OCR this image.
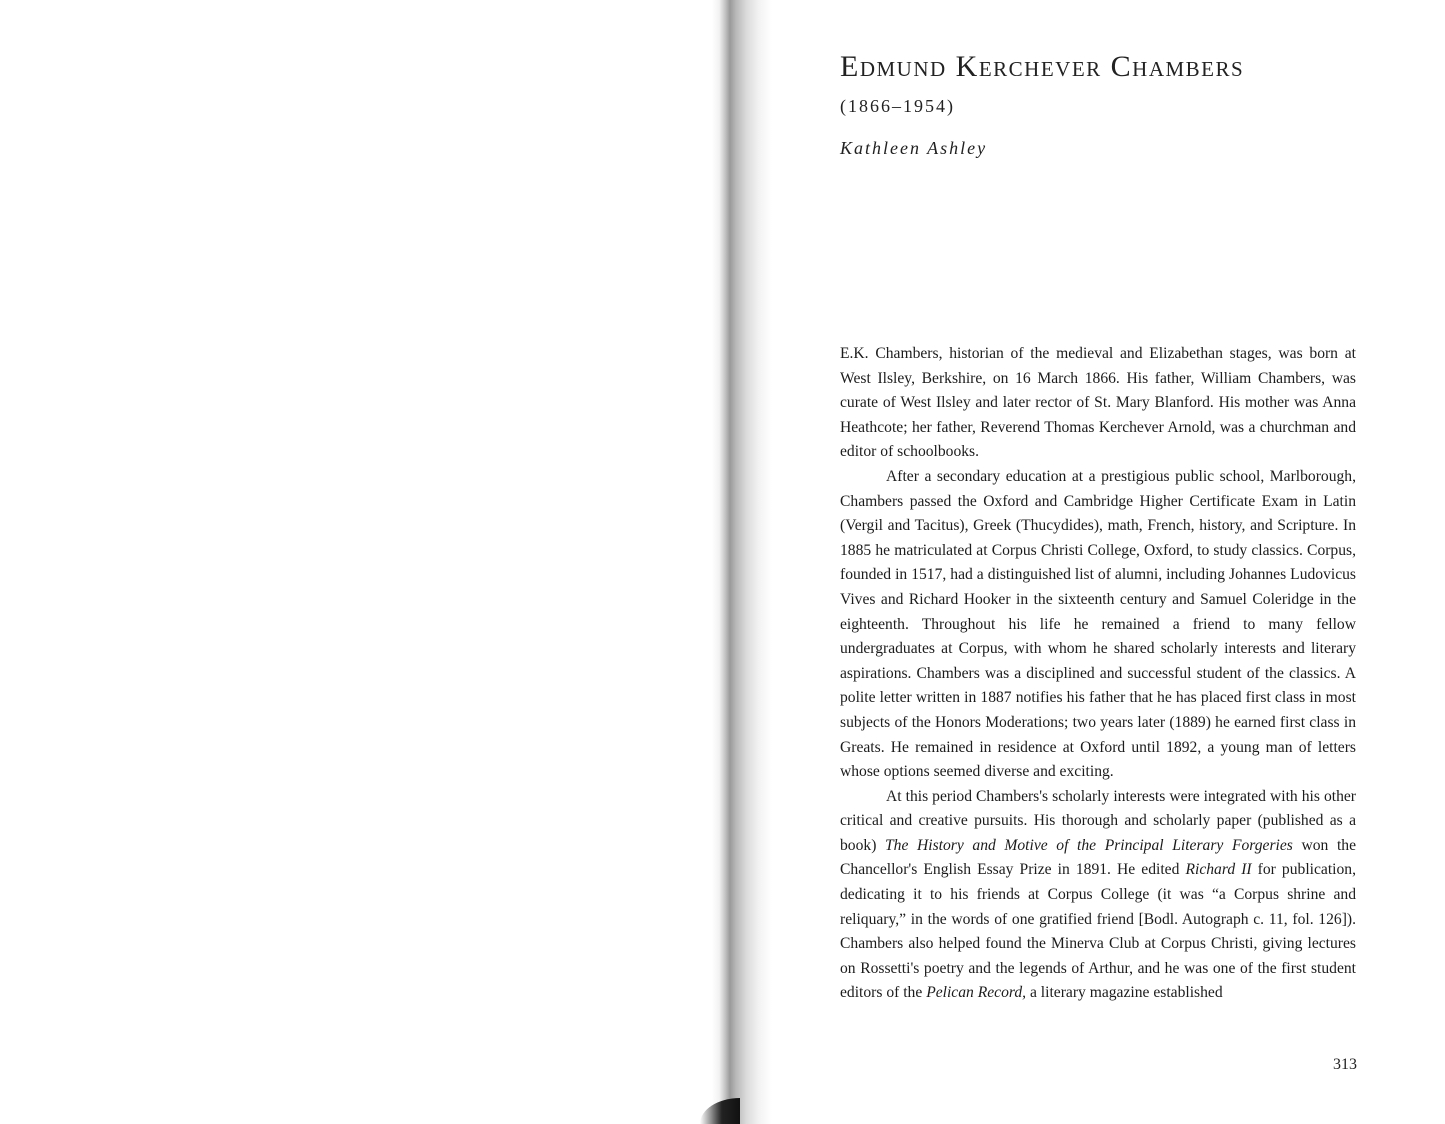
Edmund Kerchever Chambers
(1866–1954)
Kathleen Ashley

E.K. Chambers, historian of the medieval and Elizabethan stages, was born at West Ilsley, Berkshire, on 16 March 1866. His father, William Chambers, was curate of West Ilsley and later rector of St. Mary Blanford. His mother was Anna Heathcote; her father, Reverend Thomas Kerchever Arnold, was a churchman and editor of schoolbooks.

After a secondary education at a prestigious public school, Marlborough, Chambers passed the Oxford and Cambridge Higher Certificate Exam in Latin (Vergil and Tacitus), Greek (Thucydides), math, French, history, and Scripture. In 1885 he matriculated at Corpus Christi College, Oxford, to study classics. Corpus, founded in 1517, had a distinguished list of alumni, including Johannes Ludovicus Vives and Richard Hooker in the sixteenth century and Samuel Coleridge in the eighteenth. Throughout his life he remained a friend to many fellow undergraduates at Corpus, with whom he shared scholarly interests and literary aspirations. Chambers was a disciplined and successful student of the classics. A polite letter written in 1887 notifies his father that he has placed first class in most subjects of the Honors Moderations; two years later (1889) he earned first class in Greats. He remained in residence at Oxford until 1892, a young man of letters whose options seemed diverse and exciting.

At this period Chambers's scholarly interests were integrated with his other critical and creative pursuits. His thorough and scholarly paper (published as a book) The History and Motive of the Principal Literary Forgeries won the Chancellor's English Essay Prize in 1891. He edited Richard II for publication, dedicating it to his friends at Corpus College (it was “a Corpus shrine and reliquary,” in the words of one gratified friend [Bodl. Autograph c. 11, fol. 126]). Chambers also helped found the Minerva Club at Corpus Christi, giving lectures on Rossetti's poetry and the legends of Arthur, and he was one of the first student editors of the Pelican Record, a literary magazine established

313
